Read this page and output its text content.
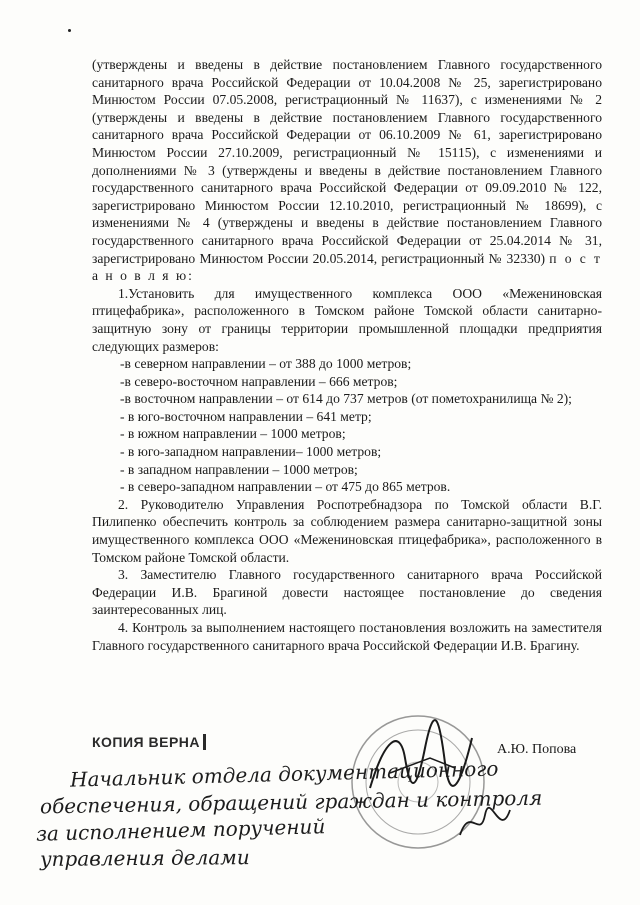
(утверждены и введены в действие постановлением Главного государственного санитарного врача Российской Федерации от 10.04.2008 № 25, зарегистрировано Минюстом России 07.05.2008, регистрационный № 11637), с изменениями № 2 (утверждены и введены в действие постановлением Главного государственного санитарного врача Российской Федерации от 06.10.2009 № 61, зарегистрировано Минюстом России 27.10.2009, регистрационный № 15115), с изменениями и дополнениями № 3 (утверждены и введены в действие постановлением Главного государственного санитарного врача Российской Федерации от 09.09.2010 № 122, зарегистрировано Минюстом России 12.10.2010, регистрационный № 18699), с изменениями № 4 (утверждены и введены в действие постановлением Главного государственного санитарного врача Российской Федерации от 25.04.2014 № 31, зарегистрировано Минюстом России 20.05.2014, регистрационный № 32330) п о с т а н о в л я ю:

1.Установить для имущественного комплекса ООО «Межениновская птицефабрика», расположенного в Томском районе Томской области санитарно-защитную зону от границы территории промышленной площадки предприятия следующих размеров:

-в северном направлении – от 388 до 1000 метров;
-в северо-восточном направлении – 666 метров;
-в восточном направлении – от 614 до 737 метров (от пометохранилища № 2);
- в юго-восточном направлении – 641 метр;
- в южном направлении – 1000 метров;
- в юго-западном направлении– 1000 метров;
- в западном направлении – 1000 метров;
- в северо-западном направлении – от 475 до 865 метров.

2. Руководителю Управления Роспотребнадзора по Томской области В.Г. Пилипенко обеспечить контроль за соблюдением размера санитарно-защитной зоны имущественного комплекса ООО «Межениновская птицефабрика», расположенного в Томском районе Томской области.

3. Заместителю Главного государственного санитарного врача Российской Федерации И.В. Брагиной довести настоящее постановление до сведения заинтересованных лиц.

4. Контроль за выполнением настоящего постановления возложить на заместителя Главного государственного санитарного врача Российской Федерации И.В. Брагину.

КОПИЯ ВЕРНА	А.Ю. Попова
Начальник отдела документационного
обеспечения, обращений граждан и контроля
за исполнением поручений
управления делами
